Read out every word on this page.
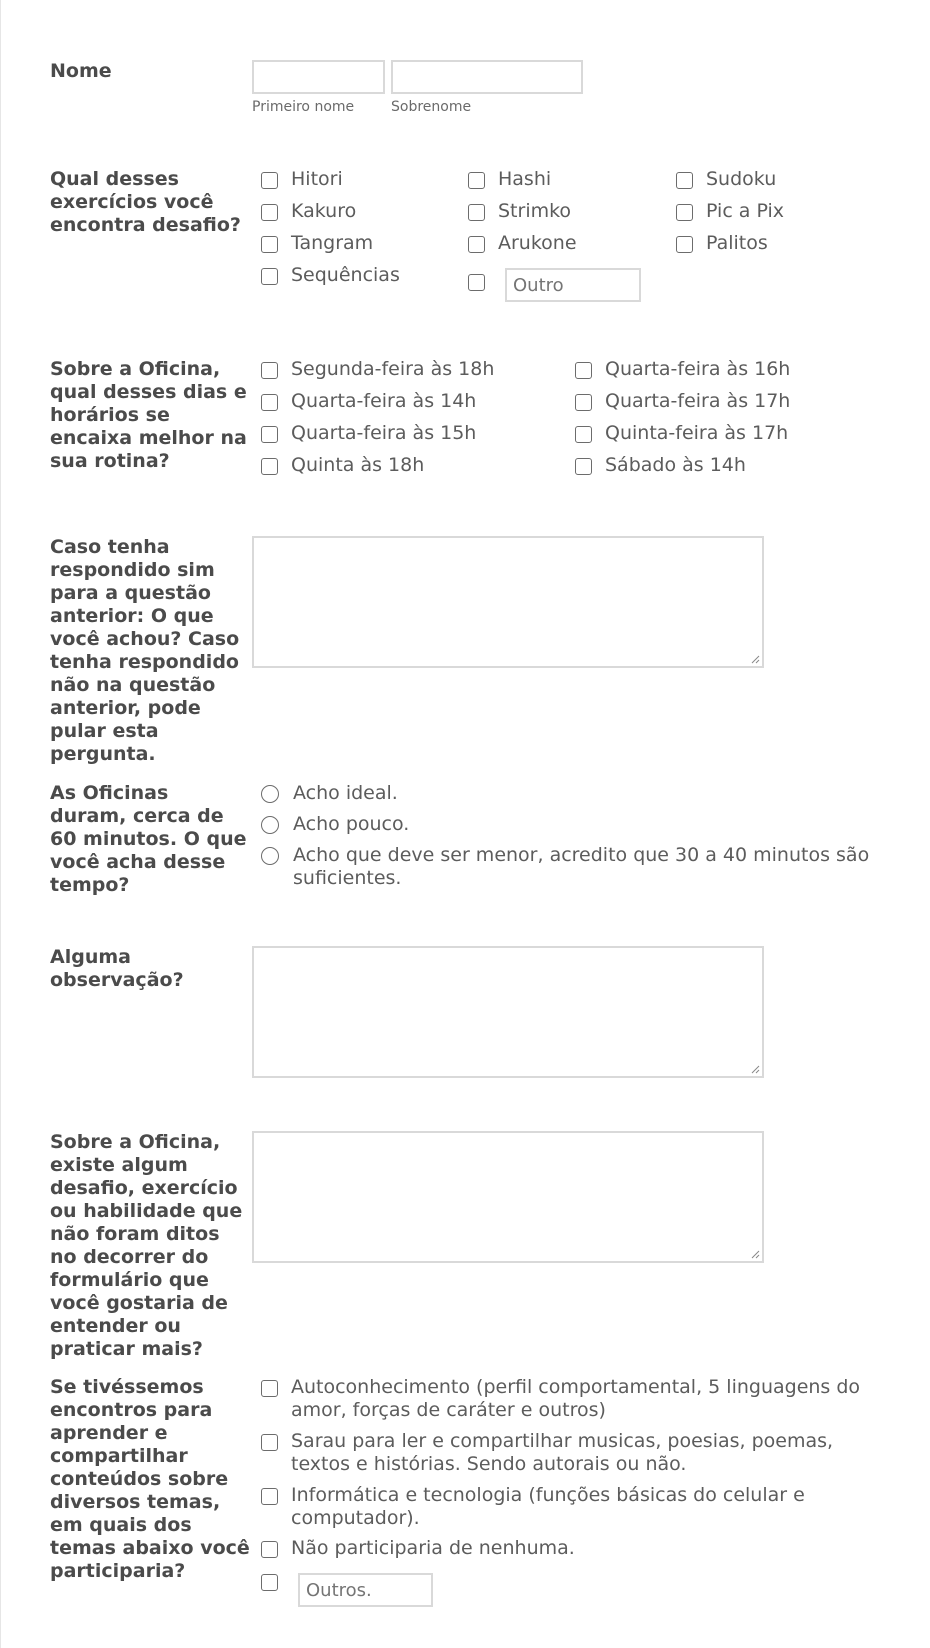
Nome
Primeiro nome	Sobrenome
Qual desses exercícios você encontra desafio?
Hitori	Hashi	Sudoku
Kakuro	Strimko	Pic a Pix
Tangram	Arukone	Palitos
Sequências
Outro
Sobre a Oficina, qual desses dias e horários se encaixa melhor na sua rotina?
Segunda-feira às 18h	Quarta-feira às 16h
Quarta-feira às 14h	Quarta-feira às 17h
Quarta-feira às 15h	Quinta-feira às 17h
Quinta às 18h	Sábado às 14h
Caso tenha respondido sim para a questão anterior: O que você achou? Caso tenha respondido não na questão anterior, pode pular esta pergunta.
As Oficinas duram, cerca de 60 minutos. O que você acha desse tempo?
Acho ideal.
Acho pouco.
Acho que deve ser menor, acredito que 30 a 40 minutos são suficientes.
Alguma observação?
Sobre a Oficina, existe algum desafio, exercício ou habilidade que não foram ditos no decorrer do formulário que você gostaria de entender ou praticar mais?
Se tivéssemos encontros para aprender e compartilhar conteúdos sobre diversos temas, em quais dos temas abaixo você participaria?
Autoconhecimento (perfil comportamental, 5 linguagens do amor, forças de caráter e outros)
Sarau para ler e compartilhar musicas, poesias, poemas, textos e histórias. Sendo autorais ou não.
Informática e tecnologia (funções básicas do celular e computador).
Não participaria de nenhuma.
Outros.
